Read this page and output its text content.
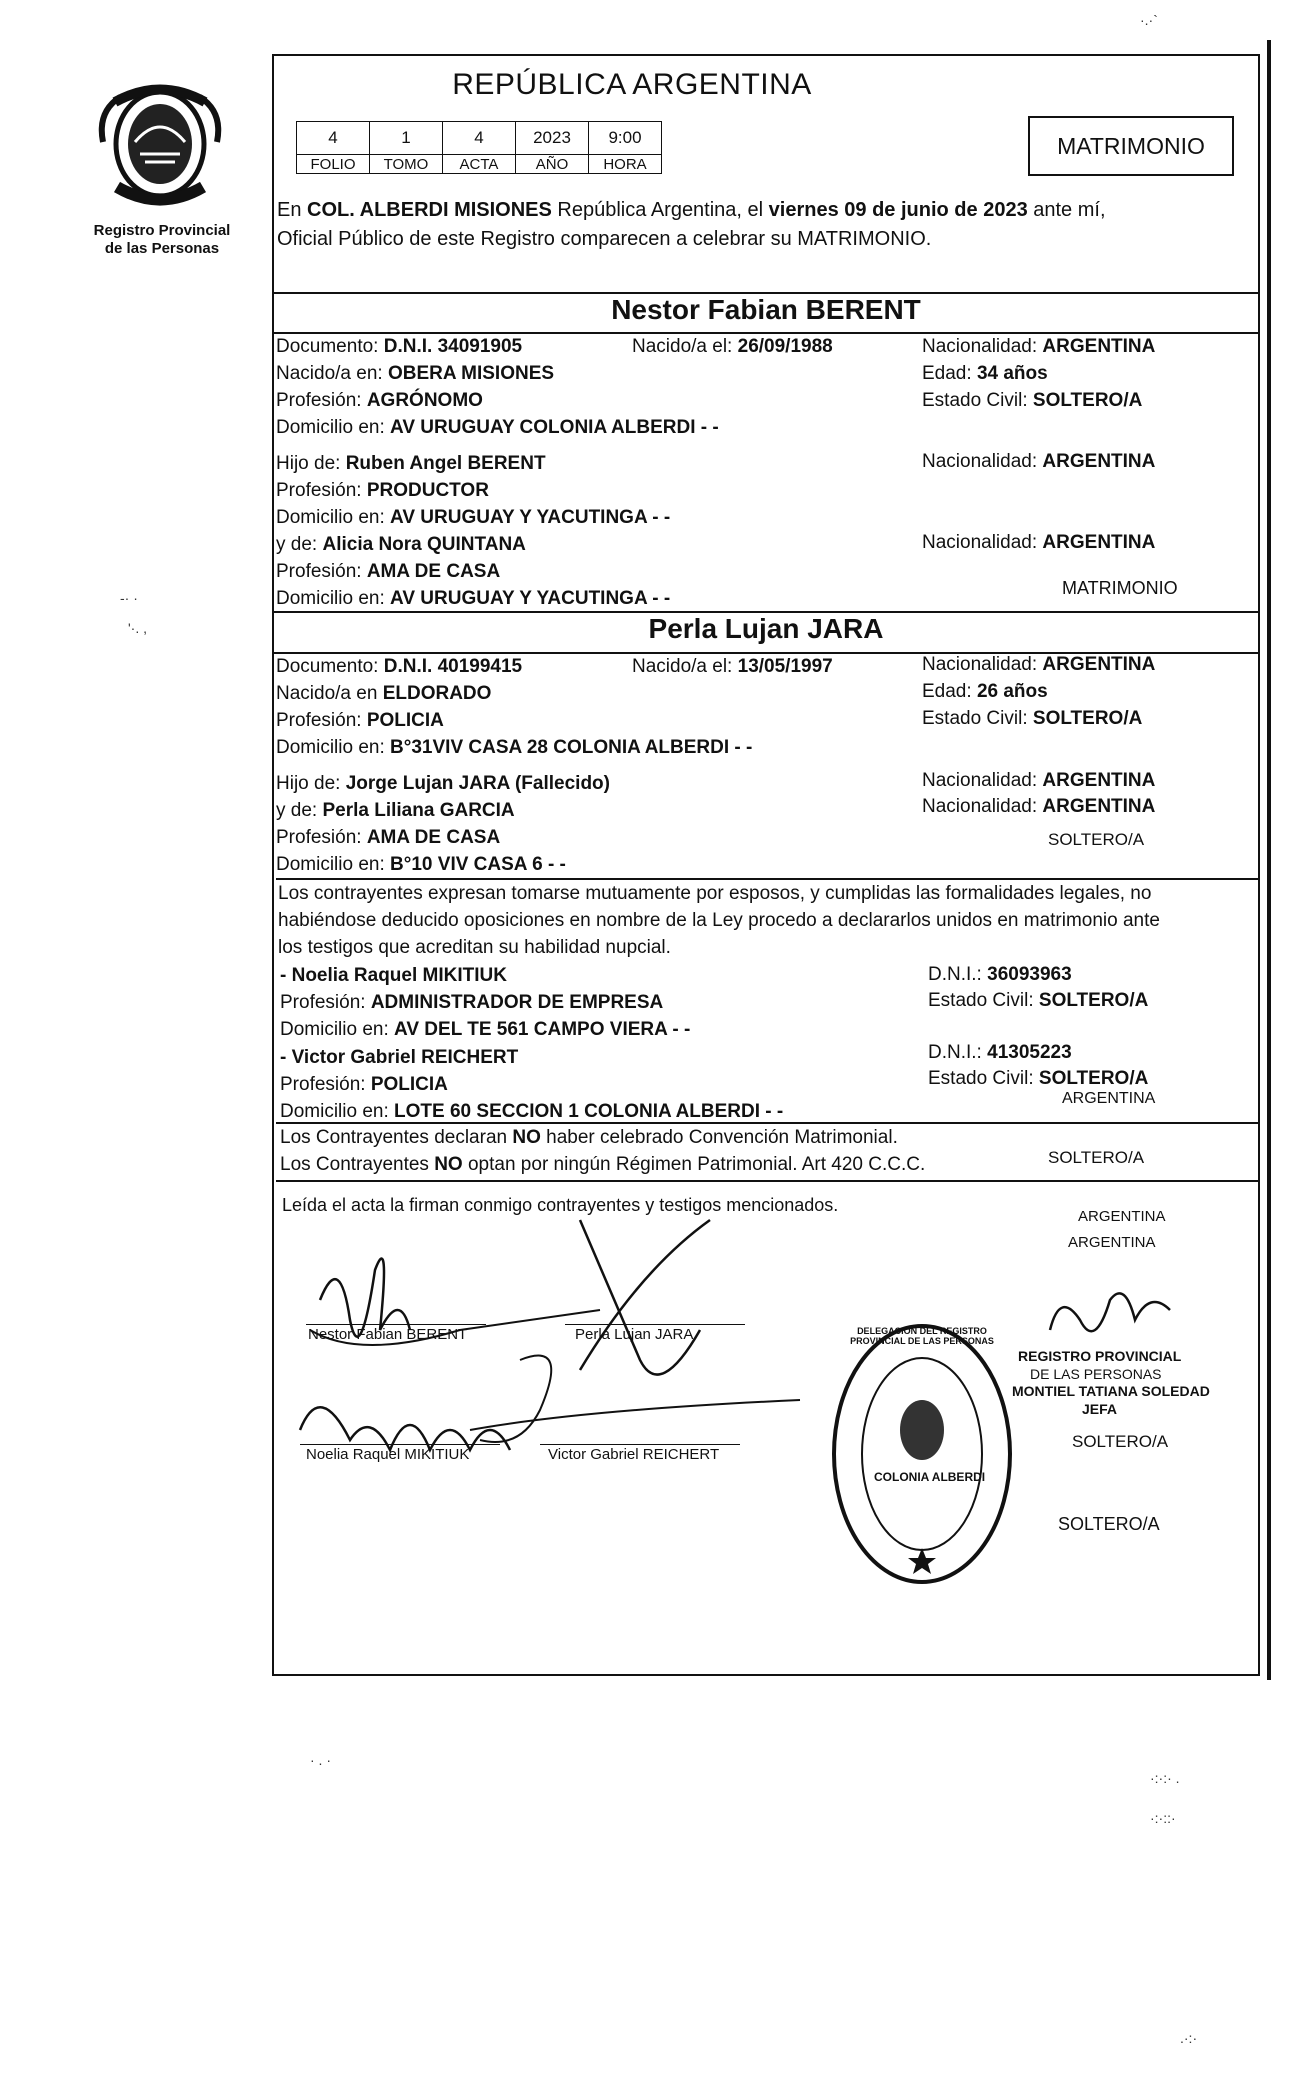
Registro Provincial
de las Personas
REPÚBLICA ARGENTINA
4	1	4	2023	9:00
FOLIO	TOMO	ACTA	AÑO	HORA
MATRIMONIO
En COL. ALBERDI MISIONES República Argentina, el viernes 09 de junio de 2023 ante mí,
Oficial Público de este Registro comparecen a celebrar su MATRIMONIO.
Nestor Fabian BERENT
Documento: D.N.I. 34091905	Nacido/a el: 26/09/1988	Nacionalidad: ARGENTINA
Nacido/a en: OBERA MISIONES	Edad: 34 años
Profesión: AGRÓNOMO	Estado Civil: SOLTERO/A
Domicilio en: AV URUGUAY COLONIA ALBERDI - -
Hijo de: Ruben Angel BERENT	Nacionalidad: ARGENTINA
Profesión: PRODUCTOR
Domicilio en: AV URUGUAY Y YACUTINGA - -
y de: Alicia Nora QUINTANA	Nacionalidad: ARGENTINA
Profesión: AMA DE CASA
Domicilio en: AV URUGUAY Y YACUTINGA - -	MATRIMONIO
Perla Lujan JARA
Documento: D.N.I. 40199415	Nacido/a el: 13/05/1997	Nacionalidad: ARGENTINA
Nacido/a en ELDORADO	Edad: 26 años
Profesión: POLICIA	Estado Civil: SOLTERO/A
Domicilio en: B°31VIV CASA 28 COLONIA ALBERDI - -
Hijo de: Jorge Lujan JARA (Fallecido)	Nacionalidad: ARGENTINA
y de: Perla Liliana GARCIA	Nacionalidad: ARGENTINA
Profesión: AMA DE CASA	SOLTERO/A
Domicilio en: B°10 VIV CASA 6 - -
Los contrayentes expresan tomarse mutuamente por esposos, y cumplidas las formalidades legales, no
habiéndose deducido oposiciones en nombre de la Ley procedo a declararlos unidos en matrimonio ante
los testigos que acreditan su habilidad nupcial.
- Noelia Raquel MIKITIUK	D.N.I.: 36093963
Profesión: ADMINISTRADOR DE EMPRESA	Estado Civil: SOLTERO/A
Domicilio en: AV DEL TE 561 CAMPO VIERA - -
- Victor Gabriel REICHERT	D.N.I.: 41305223
Profesión: POLICIA	Estado Civil: SOLTERO/A
Domicilio en: LOTE 60 SECCION 1 COLONIA ALBERDI - -
ARGENTINA
Los Contrayentes declaran NO haber celebrado Convención Matrimonial.
Los Contrayentes NO optan por ningún Régimen Patrimonial. Art 420 C.C.C.	SOLTERO/A
Leída el acta la firman conmigo contrayentes y testigos mencionados.
ARGENTINA
ARGENTINA
Nestor Fabian BERENT	Perla Lujan JARA
Noelia Raquel MIKITIUK	Victor Gabriel REICHERT
COLONIA ALBERDI
DELEGACION DEL REGISTRO PROVINCIAL DE LAS PERSONAS
REGISTRO PROVINCIAL
DE LAS PERSONAS
MONTIEL TATIANA SOLEDAD
JEFA
SOLTERO/A
SOLTERO/A
·.·`
-· ·
'·. ,
· . ·
·:·:· .
·:·::·
.·:·
